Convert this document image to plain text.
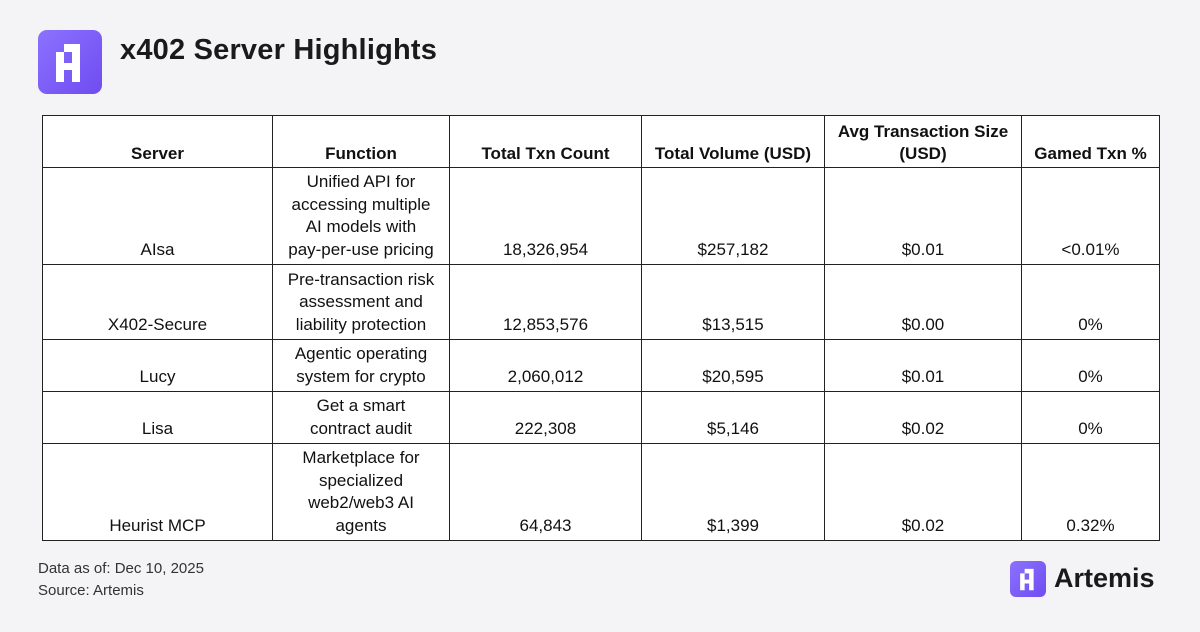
x402 Server Highlights
Server	Function	Total Txn Count	Total Volume (USD)	Avg Transaction Size (USD)	Gamed Txn %
AIsa	Unified API for
accessing multiple
AI models with
pay-per-use pricing	18,326,954	$257,182	$0.01	<0.01%
X402-Secure	Pre-transaction risk
assessment and
liability protection	12,853,576	$13,515	$0.00	0%
Lucy	Agentic operating
system for crypto	2,060,012	$20,595	$0.01	0%
Lisa	Get a smart
contract audit	222,308	$5,146	$0.02	0%
Heurist MCP	Marketplace for
specialized
web2/web3 AI
agents	64,843	$1,399	$0.02	0.32%
Data as of: Dec 10, 2025
Source: Artemis	Artemis
